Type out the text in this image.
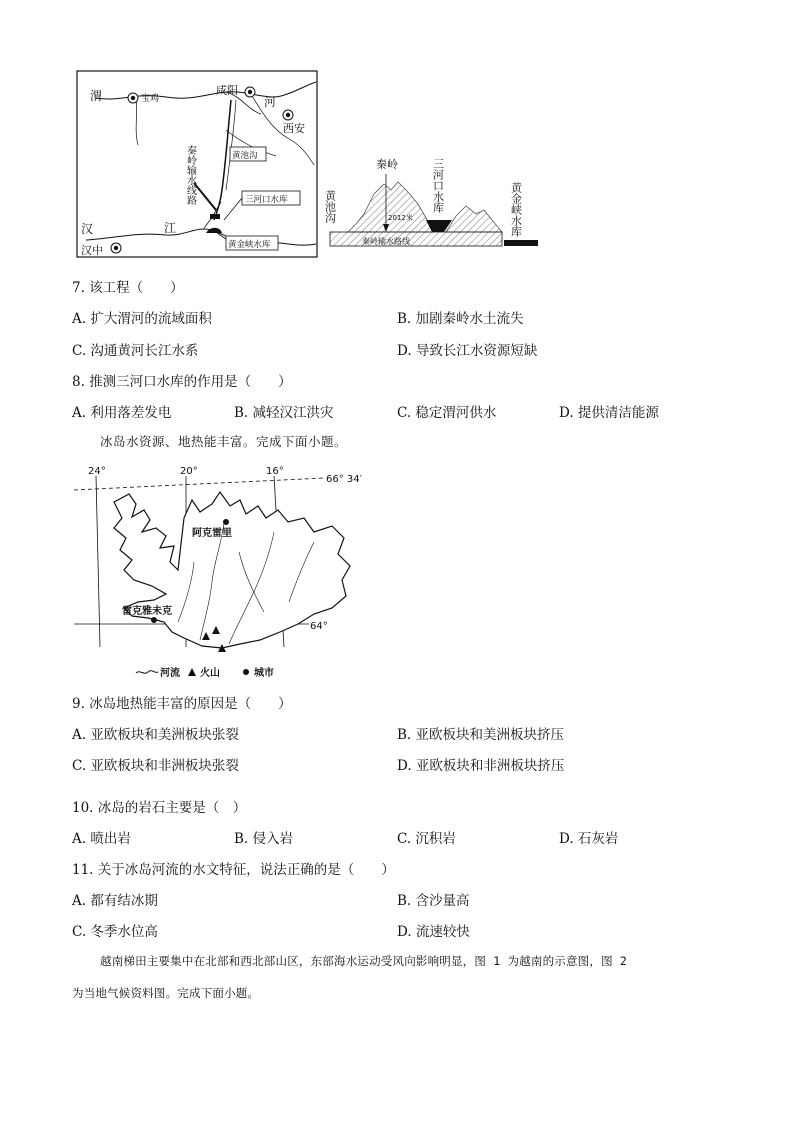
渭	宝鸡
咸阳
河
西安
秦岭输水线路	黄池沟
三河口水库
汉
汉中
江
黄金峡水库
秦岭
2012米
秦岭输水路线
黄池沟	三河口水库	黄金峡水库
7. 该工程（　　）
A. 扩大渭河的流域面积	B. 加剧秦岭水土流失
C. 沟通黄河长江水系	D. 导致长江水资源短缺
8. 推测三河口水库的作用是（　　）
A. 利用落差发电	B. 减轻汉江洪灾	C. 稳定渭河供水	D. 提供清洁能源
冰岛水资源、地热能丰富。完成下面小题。
24°	20°	16°
66° 34′
64°
阿克雷里
雷克雅未克
河流 火山	城市
9. 冰岛地热能丰富的原因是（　　）
A. 亚欧板块和美洲板块张裂	B. 亚欧板块和美洲板块挤压
C. 亚欧板块和非洲板块张裂	D. 亚欧板块和非洲板块挤压
10. 冰岛的岩石主要是（　）
A. 喷出岩	B. 侵入岩	C. 沉积岩	D. 石灰岩
11. 关于冰岛河流的水文特征，说法正确的是（　　）
A. 都有结冰期	B. 含沙量高
C. 冬季水位高	D. 流速较快
越南梯田主要集中在北部和西北部山区，东部海水运动受风向影响明显，图 1 为越南的示意图，图 2
为当地气候资料图。完成下面小题。
